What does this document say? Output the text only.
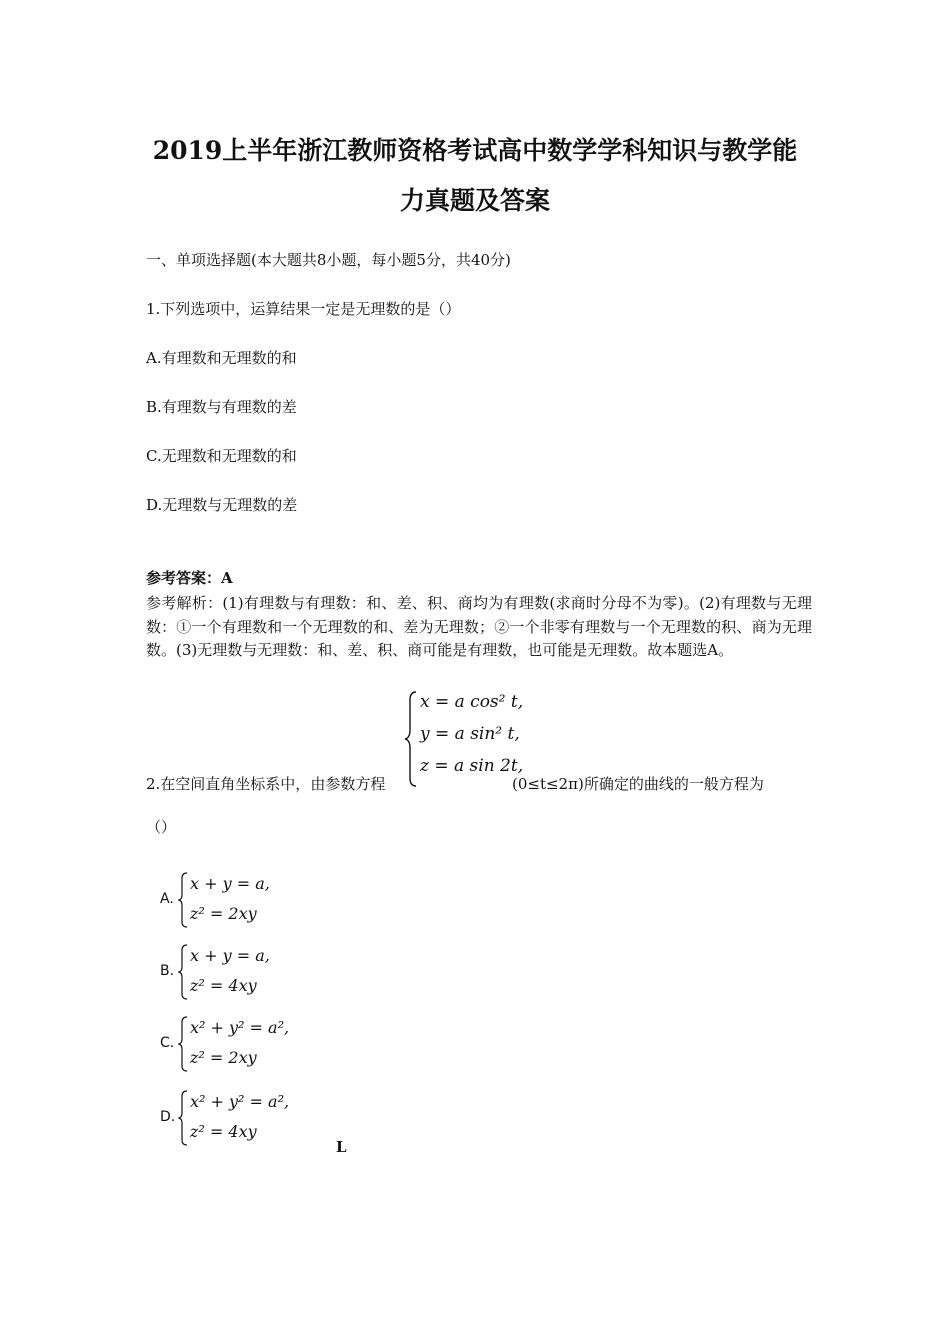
2019上半年浙江教师资格考试高中数学学科知识与教学能
力真题及答案
一、单项选择题(本大题共8小题，每小题5分，共40分)
1.下列选项中，运算结果一定是无理数的是（）
A.有理数和无理数的和
B.有理数与有理数的差
C.无理数和无理数的和
D.无理数与无理数的差
参考答案：A
参考解析：(1)有理数与有理数：和、差、积、商均为有理数(求商时分母不为零)。(2)有理数与无理数：①一个有理数和一个无理数的和、差为无理数；②一个非零有理数与一个无理数的积、商为无理数。(3)无理数与无理数：和、差、积、商可能是有理数，也可能是无理数。故本题选A。
x = a cos² t,
y = a sin² t,
z = a sin 2t,
2.在空间直角坐标系中，由参数方程	(0≤t≤2π)所确定的曲线的一般方程为
（）
A.
x + y = a,
z² = 2xy
B.
x + y = a,
z² = 4xy
C.
x² + y² = a²,
z² = 2xy
D.
x² + y² = a²,
z² = 4xy
L
